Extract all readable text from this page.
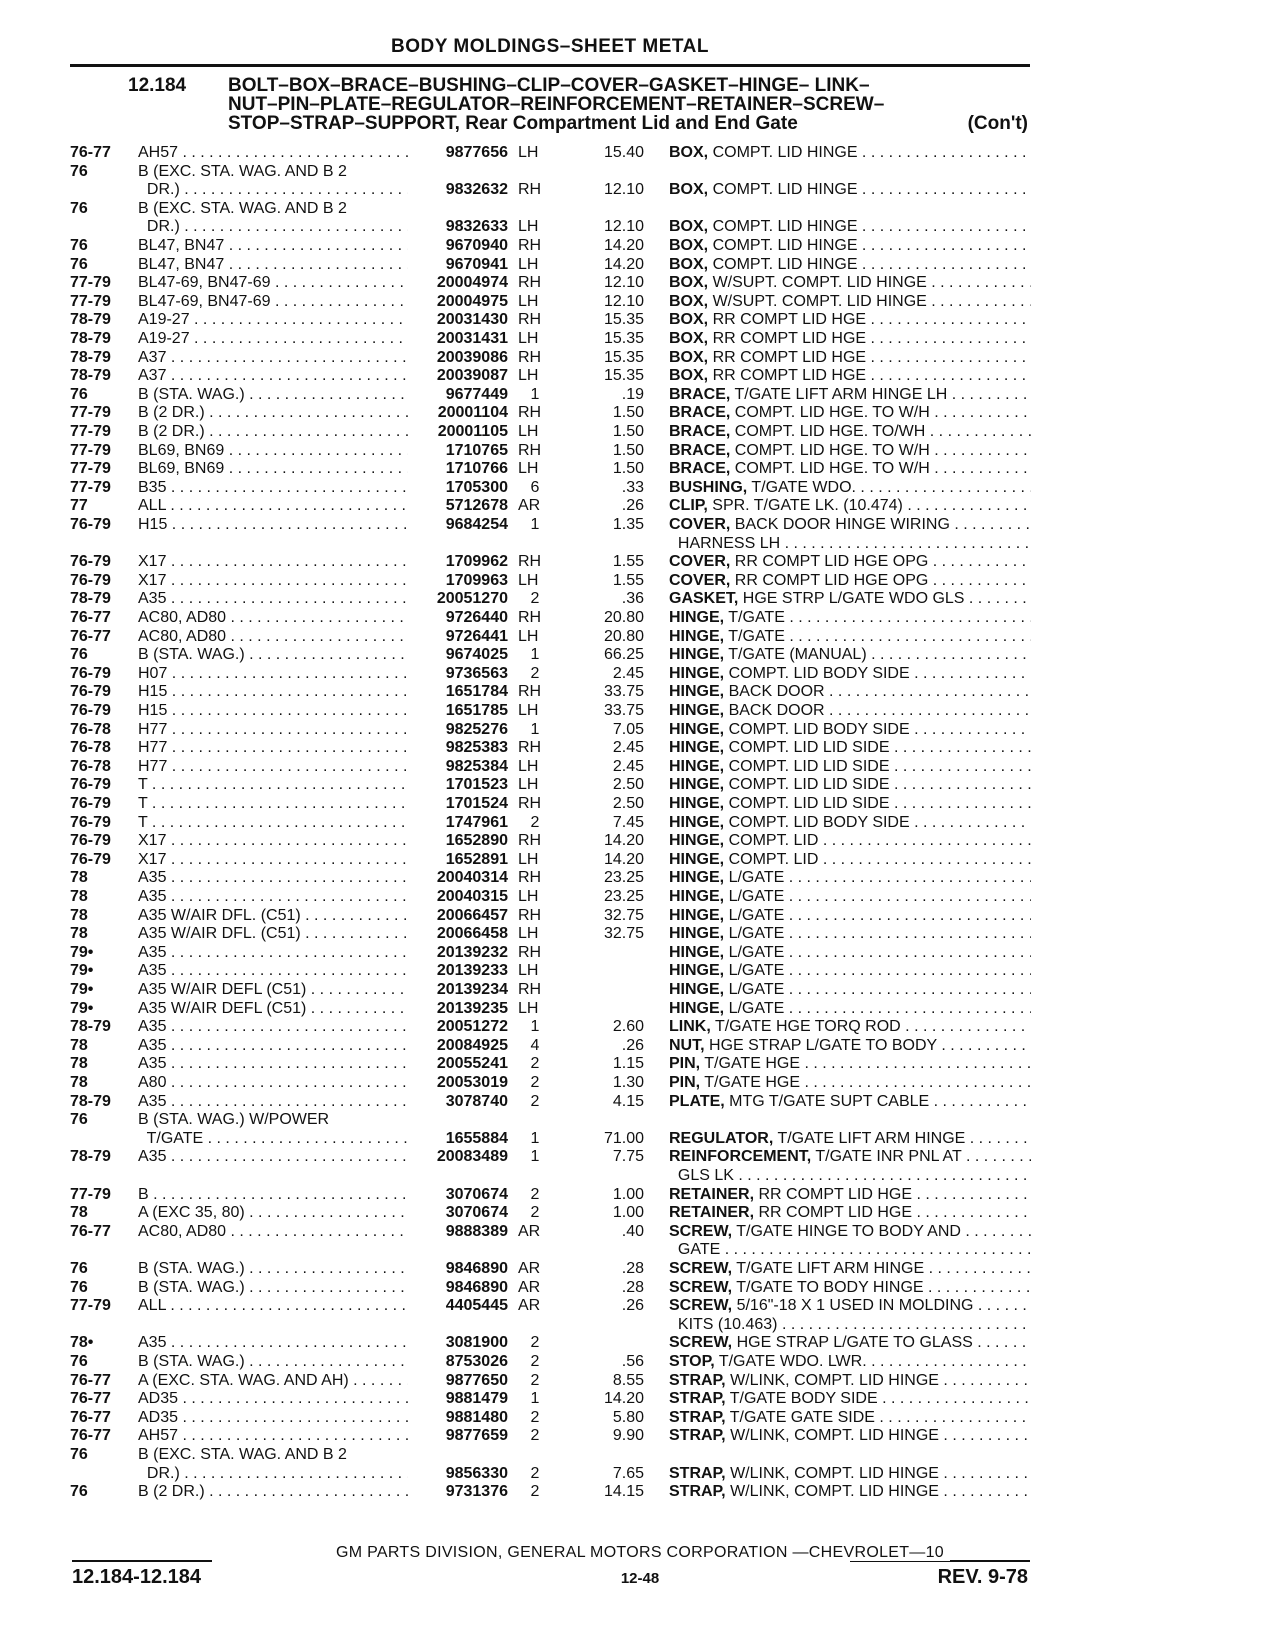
BODY MOLDINGS–SHEET METAL
12.184 BOLT–BOX–BRACE–BUSHING–CLIP–COVER–GASKET–HINGE– LINK–
NUT–PIN–PLATE–REGULATOR–REINFORCEMENT–RETAINER–SCREW–
STOP–STRAP–SUPPORT, Rear Compartment Lid and End Gate	(Con't)
76-77 AH57 . . .	9877656 LH	15.40 BOX, COMPT. LID HINGE . . .
76	B (EXC. STA. WAG. AND B 2
DR.) . . .	9832632 RH	12.10 BOX, COMPT. LID HINGE . . .
76	B (EXC. STA. WAG. AND B 2
DR.) . . .	9832633 LH	12.10 BOX, COMPT. LID HINGE . . .
76	BL47, BN47 . . .	9670940 RH	14.20 BOX, COMPT. LID HINGE . . .
76	BL47, BN47 . . .	9670941 LH	14.20 BOX, COMPT. LID HINGE . . .
77-79 BL47-69, BN47-69 . . .	20004974 RH	12.10 BOX, W/SUPT. COMPT. LID HINGE . . .
77-79 BL47-69, BN47-69 . . .	20004975 LH	12.10 BOX, W/SUPT. COMPT. LID HINGE . . .
78-79 A19-27 . . .	20031430 RH	15.35 BOX, RR COMPT LID HGE . . .
78-79 A19-27 . . .	20031431 LH	15.35 BOX, RR COMPT LID HGE . . .
78-79 A37 . . .	20039086 RH	15.35 BOX, RR COMPT LID HGE . . .
78-79 A37 . . .	20039087 LH	15.35 BOX, RR COMPT LID HGE . . .
76	B (STA. WAG.) . . .	9677449	1	.19 BRACE, T/GATE LIFT ARM HINGE LH . . .
77-79 B (2 DR.) . . .	20001104 RH	1.50 BRACE, COMPT. LID HGE. TO W/H . . .
77-79 B (2 DR.) . . .	20001105 LH	1.50 BRACE, COMPT. LID HGE. TO/WH . . .
77-79 BL69, BN69 . . .	1710765 RH	1.50 BRACE, COMPT. LID HGE. TO W/H . . .
77-79 BL69, BN69 . . .	1710766 LH	1.50 BRACE, COMPT. LID HGE. TO W/H . . .
77-79 B35 . . .	1705300	6	.33 BUSHING, T/GATE WDO. . . .
77	ALL . . .	5712678 AR	.26 CLIP, SPR. T/GATE LK. (10.474) . . .
76-79 H15 . . .	9684254	1	1.35 COVER, BACK DOOR HINGE WIRING . . .
HARNESS LH . . .
76-79 X17 . . .	1709962 RH	1.55 COVER, RR COMPT LID HGE OPG . . .
76-79 X17 . . .	1709963 LH	1.55 COVER, RR COMPT LID HGE OPG . . .
78-79 A35 . . .	20051270	2	.36 GASKET, HGE STRP L/GATE WDO GLS . . .
76-77 AC80, AD80 . . .	9726440 RH	20.80 HINGE, T/GATE . . .
76-77 AC80, AD80 . . .	9726441 LH	20.80 HINGE, T/GATE . . .
76	B (STA. WAG.) . . .	9674025	1	66.25 HINGE, T/GATE (MANUAL) . . .
76-79 H07 . . .	9736563	2	2.45 HINGE, COMPT. LID BODY SIDE . . .
76-79 H15 . . .	1651784 RH	33.75 HINGE, BACK DOOR . . .
76-79 H15 . . .	1651785 LH	33.75 HINGE, BACK DOOR . . .
76-78 H77 . . .	9825276	1	7.05 HINGE, COMPT. LID BODY SIDE . . .
76-78 H77 . . .	9825383 RH	2.45 HINGE, COMPT. LID LID SIDE . . .
76-78 H77 . . .	9825384 LH	2.45 HINGE, COMPT. LID LID SIDE . . .
76-79 T . . .	1701523 LH	2.50 HINGE, COMPT. LID LID SIDE . . .
76-79 T . . .	1701524 RH	2.50 HINGE, COMPT. LID LID SIDE . . .
76-79 T . . .	1747961	2	7.45 HINGE, COMPT. LID BODY SIDE . . .
76-79 X17 . . .	1652890 RH	14.20 HINGE, COMPT. LID . . .
76-79 X17 . . .	1652891 LH	14.20 HINGE, COMPT. LID . . .
78	A35 . . .	20040314 RH	23.25 HINGE, L/GATE . . .
78	A35 . . .	20040315 LH	23.25 HINGE, L/GATE . . .
78	A35 W/AIR DFL. (C51) . . .	20066457 RH	32.75 HINGE, L/GATE . . .
78	A35 W/AIR DFL. (C51) . . .	20066458 LH	32.75 HINGE, L/GATE . . .
79•	A35 . . .	20139232 RH	HINGE, L/GATE . . .
79•	A35 . . .	20139233 LH	HINGE, L/GATE . . .
79•	A35 W/AIR DEFL (C51) . . .	20139234 RH	HINGE, L/GATE . . .
79•	A35 W/AIR DEFL (C51) . . .	20139235 LH	HINGE, L/GATE . . .
78-79 A35 . . .	20051272	1	2.60 LINK, T/GATE HGE TORQ ROD . . .
78	A35 . . .	20084925	4	.26 NUT, HGE STRAP L/GATE TO BODY . . .
78	A35 . . .	20055241	2	1.15 PIN, T/GATE HGE . . .
78	A80 . . .	20053019	2	1.30 PIN, T/GATE HGE . . .
78-79 A35 . . .	3078740	2	4.15 PLATE, MTG T/GATE SUPT CABLE . . .
76	B (STA. WAG.) W/POWER
T/GATE . . .	1655884	1	71.00 REGULATOR, T/GATE LIFT ARM HINGE . . .
78-79 A35 . . .	20083489	1	7.75 REINFORCEMENT, T/GATE INR PNL AT . . .
GLS LK . . .
77-79 B . . .	3070674	2	1.00 RETAINER, RR COMPT LID HGE . . .
78	A (EXC 35, 80) . . .	3070674	2	1.00 RETAINER, RR COMPT LID HGE . . .
76-77 AC80, AD80 . . .	9888389 AR	.40 SCREW, T/GATE HINGE TO BODY AND . . .
GATE . . .
76	B (STA. WAG.) . . .	9846890 AR	.28 SCREW, T/GATE LIFT ARM HINGE . . .
76	B (STA. WAG.) . . .	9846890 AR	.28 SCREW, T/GATE TO BODY HINGE . . .
77-79 ALL . . .	4405445 AR	.26 SCREW, 5/16"-18 X 1 USED IN MOLDING . . .
KITS (10.463) . . .
78•	A35 . . .	3081900	2	SCREW, HGE STRAP L/GATE TO GLASS . . .
76	B (STA. WAG.) . . .	8753026	2	.56 STOP, T/GATE WDO. LWR. . . .
76-77 A (EXC. STA. WAG. AND AH) . . .	9877650	2	8.55 STRAP, W/LINK, COMPT. LID HINGE . . .
76-77 AD35 . . .	9881479	1	14.20 STRAP, T/GATE BODY SIDE . . .
76-77 AD35 . . .	9881480	2	5.80 STRAP, T/GATE GATE SIDE . . .
76-77 AH57 . . .	9877659	2	9.90 STRAP, W/LINK, COMPT. LID HINGE . . .
76	B (EXC. STA. WAG. AND B 2
DR.) . . .	9856330	2	7.65 STRAP, W/LINK, COMPT. LID HINGE . . .
76	B (2 DR.) . . .	9731376	2	14.15 STRAP, W/LINK, COMPT. LID HINGE . . .
GM PARTS DIVISION, GENERAL MOTORS CORPORATION —CHEVROLET—10
12.184-12.184	12-48	REV. 9-78
